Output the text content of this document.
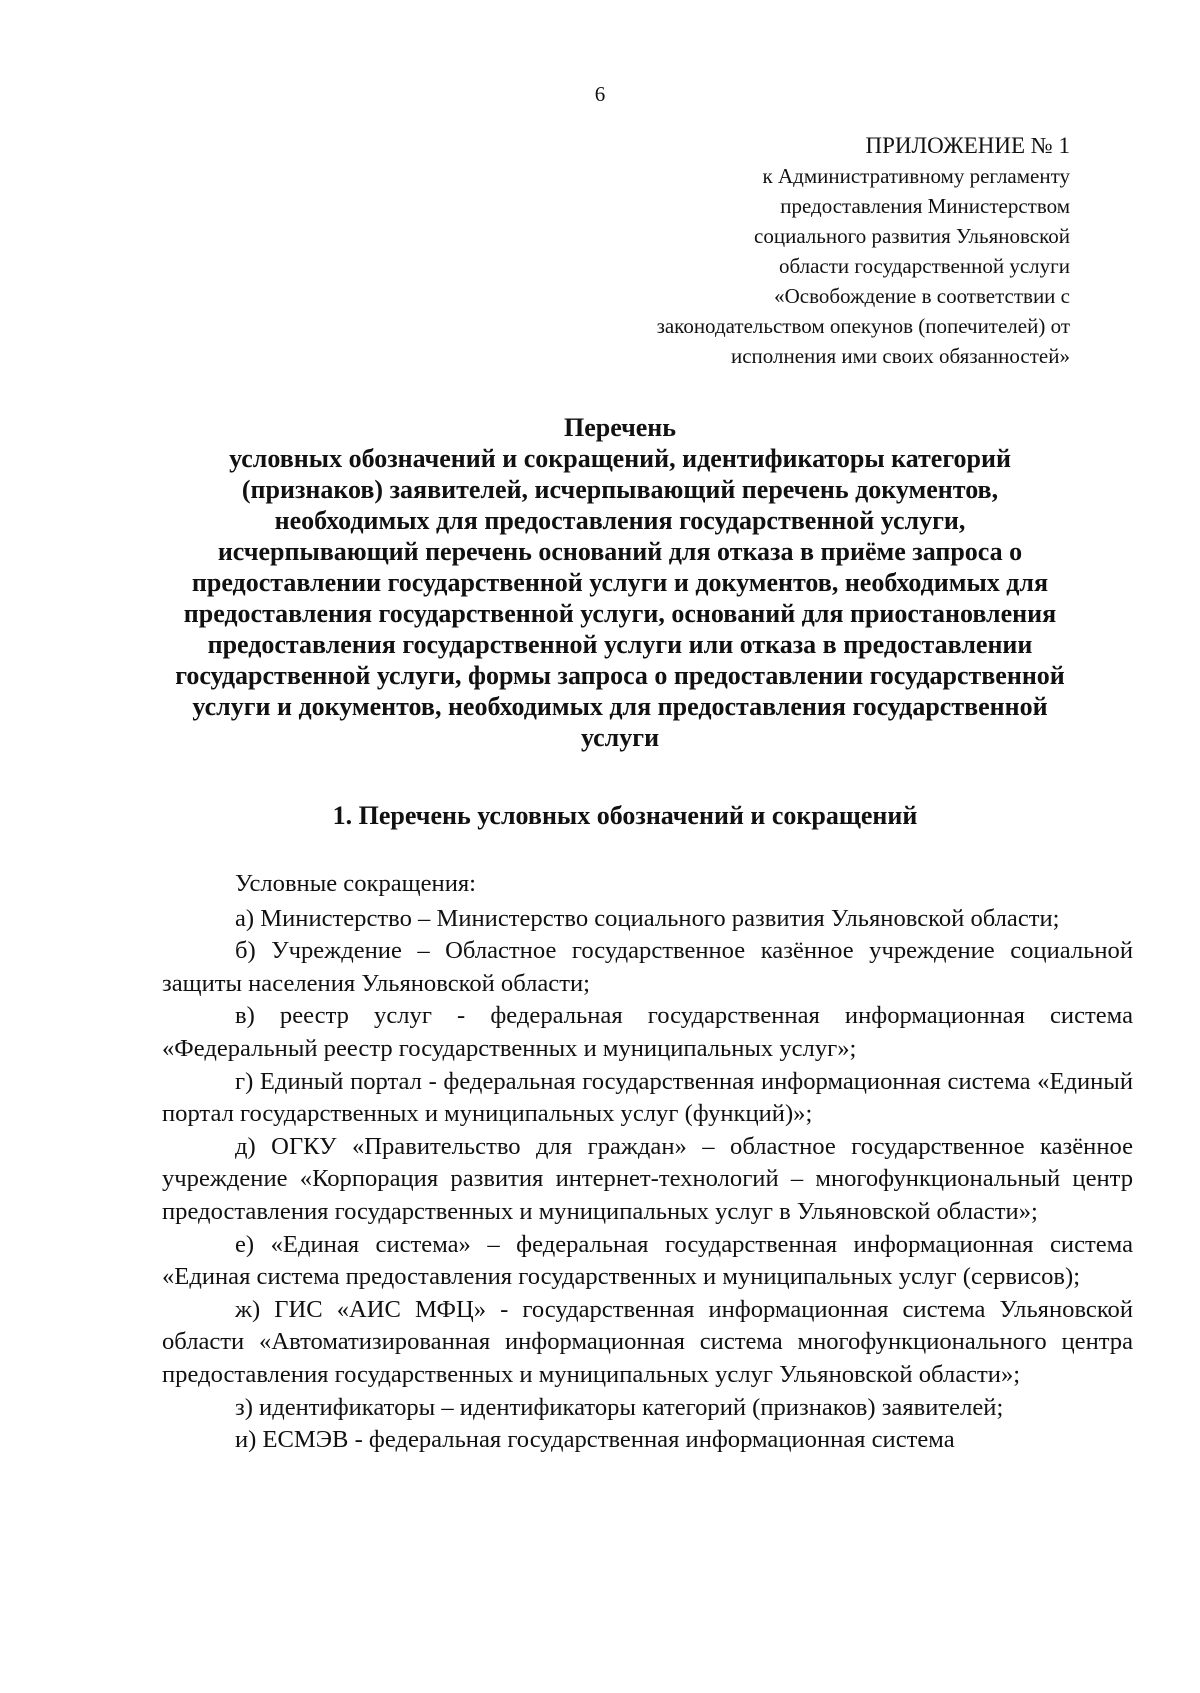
6
ПРИЛОЖЕНИЕ № 1
к Административному регламенту
предоставления Министерством
социального развития Ульяновской
области государственной услуги
«Освобождение в соответствии с
законодательством опекунов (попечителей) от
исполнения ими своих обязанностей»
Перечень
условных обозначений и сокращений, идентификаторы категорий
(признаков) заявителей, исчерпывающий перечень документов,
необходимых для предоставления государственной услуги,
исчерпывающий перечень оснований для отказа в приёме запроса о
предоставлении государственной услуги и документов, необходимых для
предоставления государственной услуги, оснований для приостановления
предоставления государственной услуги или отказа в предоставлении
государственной услуги, формы запроса о предоставлении государственной
услуги и документов, необходимых для предоставления государственной
услуги
1. Перечень условных обозначений и сокращений

Условные сокращения:

а) Министерство – Министерство социального развития Ульяновской области;

б) Учреждение – Областное государственное казённое учреждение социальной защиты населения Ульяновской области;

в) реестр услуг - федеральная государственная информационная система «Федеральный реестр государственных и муниципальных услуг»;

г) Единый портал - федеральная государственная информационная система «Единый портал государственных и муниципальных услуг (функций)»;

д) ОГКУ «Правительство для граждан» – областное государственное казённое учреждение «Корпорация развития интернет-технологий – многофункциональный центр предоставления государственных и муниципальных услуг в Ульяновской области»;

е) «Единая система» – федеральная государственная информационная система «Единая система предоставления государственных и муниципальных услуг (сервисов);

ж) ГИС «АИС МФЦ» - государственная информационная система Ульяновской области «Автоматизированная информационная система многофункционального центра предоставления государственных и муниципальных услуг Ульяновской области»;

з) идентификаторы – идентификаторы категорий (признаков) заявителей;

и) ЕСМЭВ - федеральная государственная информационная система
